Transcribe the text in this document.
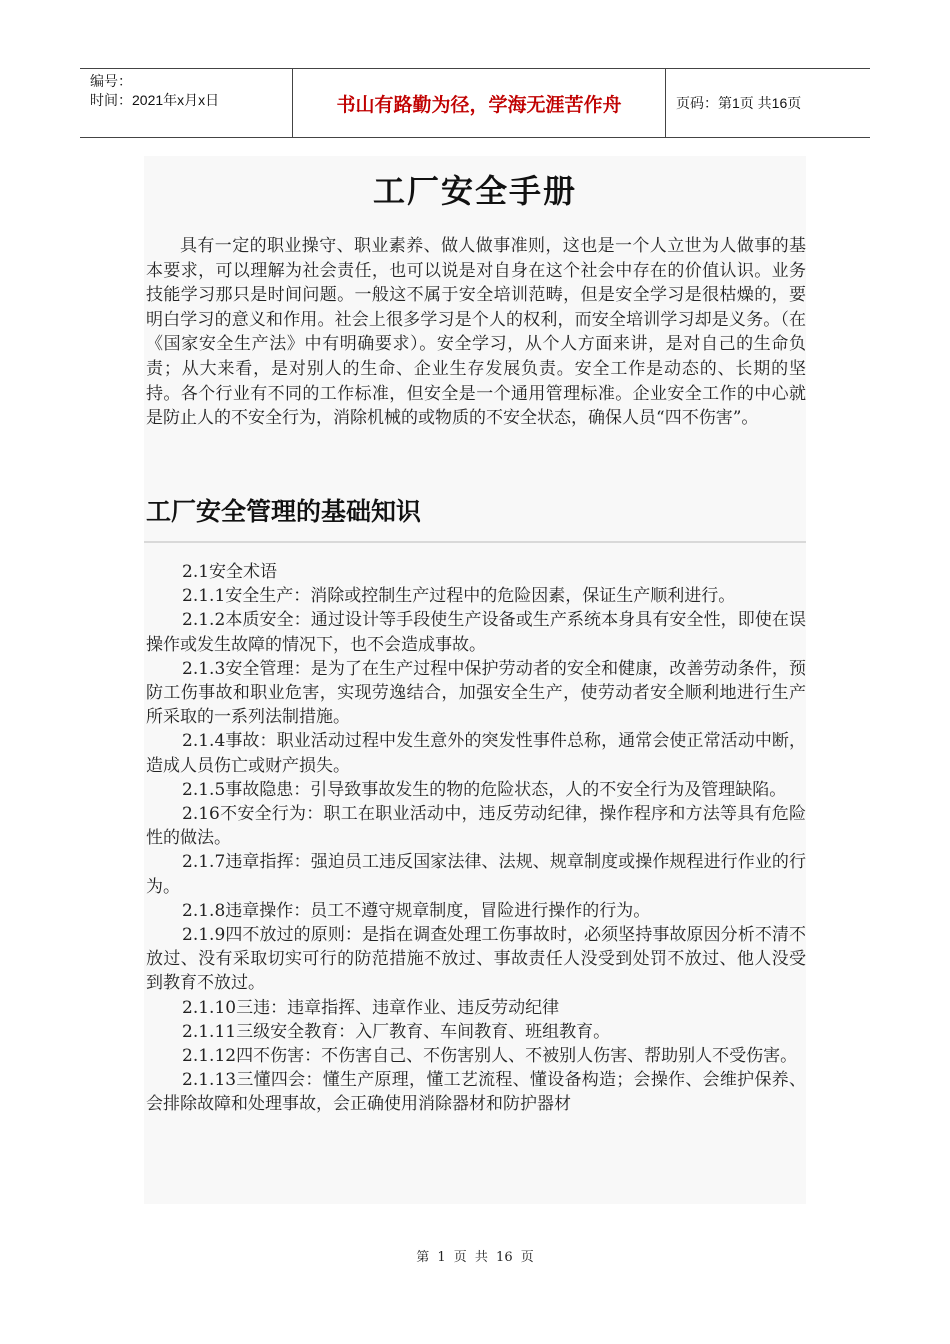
编号：
时间：2021年x月x日	书山有路勤为径，学海无涯苦作舟	页码：第1页 共16页
工厂安全手册

具有一定的职业操守、职业素养、做人做事准则，这也是一个人立世为人做事的基本要求，可以理解为社会责任，也可以说是对自身在这个社会中存在的价值认识。业务技能学习那只是时间问题。一般这不属于安全培训范畴，但是安全学习是很枯燥的，要明白学习的意义和作用。社会上很多学习是个人的权利，而安全培训学习却是义务。（在《国家安全生产法》中有明确要求）。安全学习，从个人方面来讲，是对自己的生命负责；从大来看，是对别人的生命、企业生存发展负责。安全工作是动态的、长期的坚持。各个行业有不同的工作标准，但安全是一个通用管理标准。企业安全工作的中心就是防止人的不安全行为，消除机械的或物质的不安全状态，确保人员“四不伤害”。

工厂安全管理的基础知识

2.1安全术语

2.1.1安全生产：消除或控制生产过程中的危险因素，保证生产顺利进行。

2.1.2本质安全：通过设计等手段使生产设备或生产系统本身具有安全性，即使在误操作或发生故障的情况下，也不会造成事故。

2.1.3安全管理：是为了在生产过程中保护劳动者的安全和健康，改善劳动条件，预防工伤事故和职业危害，实现劳逸结合，加强安全生产，使劳动者安全顺利地进行生产所采取的一系列法制措施。

2.1.4事故：职业活动过程中发生意外的突发性事件总称，通常会使正常活动中断，造成人员伤亡或财产损失。

2.1.5事故隐患：引导致事故发生的物的危险状态，人的不安全行为及管理缺陷。

2.16不安全行为：职工在职业活动中，违反劳动纪律，操作程序和方法等具有危险性的做法。

2.1.7违章指挥：强迫员工违反国家法律、法规、规章制度或操作规程进行作业的行为。

2.1.8违章操作：员工不遵守规章制度，冒险进行操作的行为。

2.1.9四不放过的原则：是指在调查处理工伤事故时，必须坚持事故原因分析不清不放过、没有采取切实可行的防范措施不放过、事故责任人没受到处罚不放过、他人没受到教育不放过。

2.1.10三违：违章指挥、违章作业、违反劳动纪律

2.1.11三级安全教育：入厂教育、车间教育、班组教育。

2.1.12四不伤害：不伤害自己、不伤害别人、不被别人伤害、帮助别人不受伤害。

2.1.13三懂四会：懂生产原理，懂工艺流程、懂设备构造；会操作、会维护保养、会排除故障和处理事故，会正确使用消除器材和防护器材

第 1 页 共 16 页
